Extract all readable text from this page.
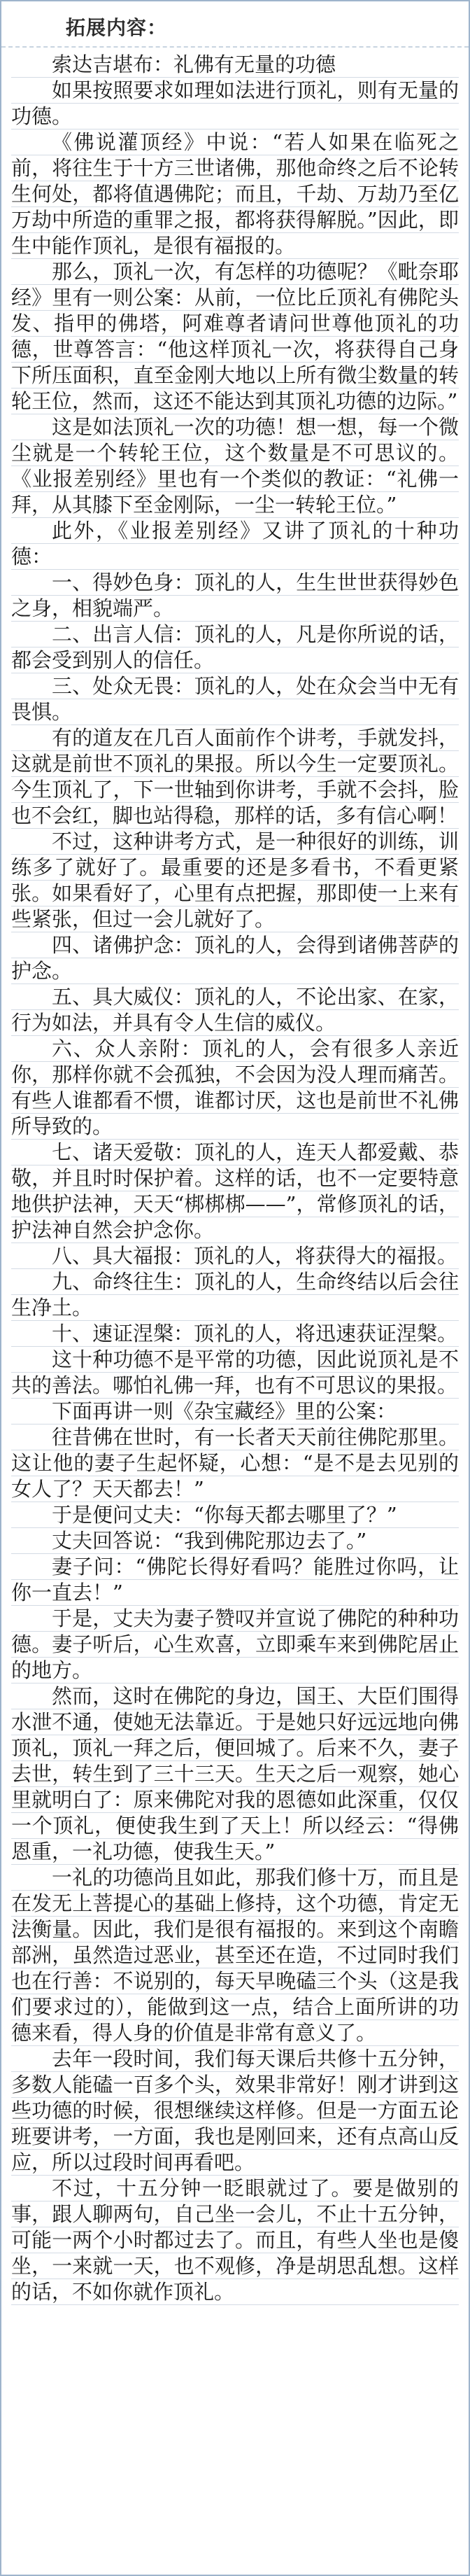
拓展内容：

索达吉堪布：礼佛有无量的功德

如果按照要求如理如法进行顶礼，则有无量的功德。

《佛说灌顶经》中说：“若人如果在临死之前，将往生于十方三世诸佛，那他命终之后不论转生何处，都将值遇佛陀；而且，千劫、万劫乃至亿万劫中所造的重罪之报，都将获得解脱。”因此，即生中能作顶礼，是很有福报的。

那么，顶礼一次，有怎样的功德呢？《毗奈耶经》里有一则公案：从前，一位比丘顶礼有佛陀头发、指甲的佛塔，阿难尊者请问世尊他顶礼的功德，世尊答言：“他这样顶礼一次，将获得自己身下所压面积，直至金刚大地以上所有微尘数量的转轮王位，然而，这还不能达到其顶礼功德的边际。”

这是如法顶礼一次的功德！想一想，每一个微尘就是一个转轮王位，这个数量是不可思议的。《业报差别经》里也有一个类似的教证：“礼佛一拜，从其膝下至金刚际，一尘一转轮王位。”

此外，《业报差别经》又讲了顶礼的十种功德：

一、得妙色身：顶礼的人，生生世世获得妙色之身，相貌端严。

二、出言人信：顶礼的人，凡是你所说的话，都会受到别人的信任。

三、处众无畏：顶礼的人，处在众会当中无有畏惧。

有的道友在几百人面前作个讲考，手就发抖，这就是前世不顶礼的果报。所以今生一定要顶礼。今生顶礼了，下一世轴到你讲考，手就不会抖，脸也不会红，脚也站得稳，那样的话，多有信心啊！

不过，这种讲考方式，是一种很好的训练，训练多了就好了。最重要的还是多看书，不看更紧张。如果看好了，心里有点把握，那即使一上来有些紧张，但过一会儿就好了。

四、诸佛护念：顶礼的人，会得到诸佛菩萨的护念。

五、具大威仪：顶礼的人，不论出家、在家，行为如法，并具有令人生信的威仪。

六、众人亲附：顶礼的人，会有很多人亲近你，那样你就不会孤独，不会因为没人理而痛苦。有些人谁都看不惯，谁都讨厌，这也是前世不礼佛所导致的。

七、诸天爱敬：顶礼的人，连天人都爱戴、恭敬，并且时时保护着。这样的话，也不一定要特意地供护法神，天天“梆梆梆——”，常修顶礼的话，护法神自然会护念你。

八、具大福报：顶礼的人，将获得大的福报。

九、命终往生：顶礼的人，生命终结以后会往生净土。

十、速证涅槃：顶礼的人，将迅速获证涅槃。

这十种功德不是平常的功德，因此说顶礼是不共的善法。哪怕礼佛一拜，也有不可思议的果报。

下面再讲一则《杂宝藏经》里的公案：

往昔佛在世时，有一长者天天前往佛陀那里。这让他的妻子生起怀疑，心想：“是不是去见别的女人了？天天都去！”

于是便问丈夫：“你每天都去哪里了？”

丈夫回答说：“我到佛陀那边去了。”

妻子问：“佛陀长得好看吗？能胜过你吗，让你一直去！”

于是，丈夫为妻子赞叹并宣说了佛陀的种种功德。妻子听后，心生欢喜，立即乘车来到佛陀居止的地方。

然而，这时在佛陀的身边，国王、大臣们围得水泄不通，使她无法靠近。于是她只好远远地向佛顶礼，顶礼一拜之后，便回城了。后来不久，妻子去世，转生到了三十三天。生天之后一观察，她心里就明白了：原来佛陀对我的恩德如此深重，仅仅一个顶礼，便使我生到了天上！所以经云：“得佛恩重，一礼功德，使我生天。”

一礼的功德尚且如此，那我们修十万，而且是在发无上菩提心的基础上修持，这个功德，肯定无法衡量。因此，我们是很有福报的。来到这个南瞻部洲，虽然造过恶业，甚至还在造，不过同时我们也在行善：不说别的，每天早晚磕三个头（这是我们要求过的），能做到这一点，结合上面所讲的功德来看，得人身的价值是非常有意义了。

去年一段时间，我们每天课后共修十五分钟，多数人能磕一百多个头，效果非常好！刚才讲到这些功德的时候，很想继续这样修。但是一方面五论班要讲考，一方面，我也是刚回来，还有点高山反应，所以过段时间再看吧。

不过，十五分钟一眨眼就过了。要是做别的事，跟人聊两句，自己坐一会儿，不止十五分钟，可能一两个小时都过去了。而且，有些人坐也是傻坐，一来就一天，也不观修，净是胡思乱想。这样的话，不如你就作顶礼。
